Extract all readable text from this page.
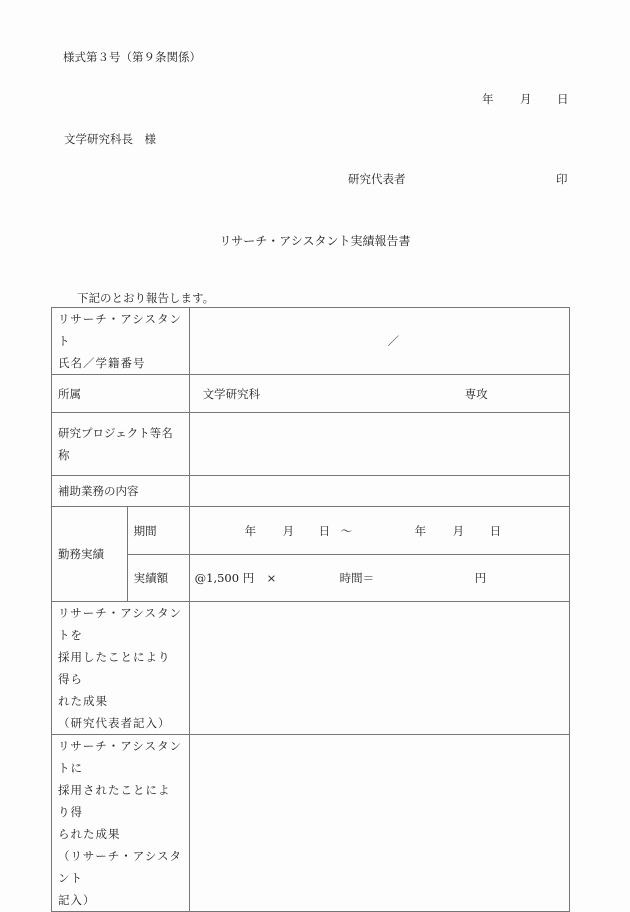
様式第３号（第９条関係）
年 月 日
文学研究科長　様
研究代表者	印
リサーチ・アシスタント実績報告書
下記のとおり報告します。
リサーチ・アシスタント
氏名／学籍番号		／

所属		文学研究科 専攻

研究プロジェクト等名称		
補助業務の内容		
勤務実績	期間	年 月 日 ～	年 月 日

	実績額	@1,500 円 × 時間＝ 円

リサーチ・アシスタントを
採用したことにより得ら
れた成果
（研究代表者記入）		

リサーチ・アシスタントに
採用されたことにより得
られた成果
（リサーチ・アシスタント
記入）		
